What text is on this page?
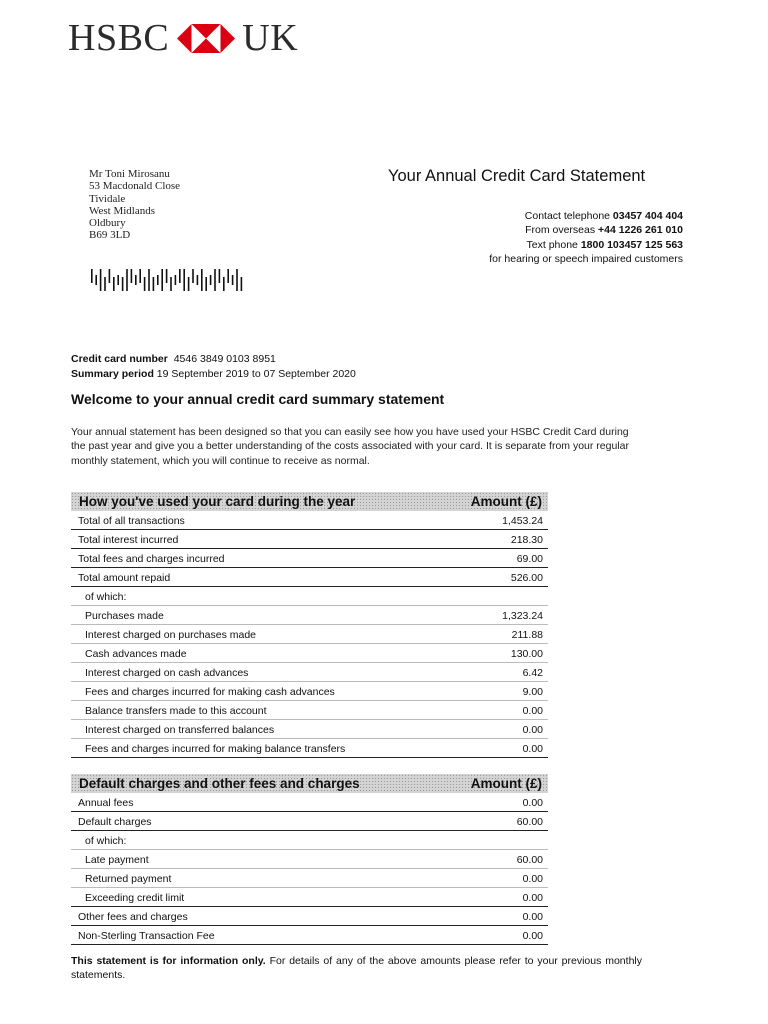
HSBC UK
Mr Toni Mirosanu
53 Macdonald Close
Tividale
West Midlands
Oldbury
B69 3LD
Your Annual Credit Card Statement
Contact telephone 03457 404 404
From overseas +44 1226 261 010
Text phone 1800 103457 125 563
for hearing or speech impaired customers
Credit card number 4546 3849 0103 8951
Summary period 19 September 2019 to 07 September 2020
Welcome to your annual credit card summary statement
Your annual statement has been designed so that you can easily see how you have used your HSBC Credit Card during the past year and give you a better understanding of the costs associated with your card. It is separate from your regular monthly statement, which you will continue to receive as normal.
How you've used your card during the year	Amount (£)
Total of all transactions	1,453.24
Total interest incurred	218.30
Total fees and charges incurred	69.00
Total amount repaid	526.00
of which:
Purchases made	1,323.24
Interest charged on purchases made	211.88
Cash advances made	130.00
Interest charged on cash advances	6.42
Fees and charges incurred for making cash advances	9.00
Balance transfers made to this account	0.00
Interest charged on transferred balances	0.00
Fees and charges incurred for making balance transfers	0.00
Default charges and other fees and charges	Amount (£)
Annual fees	0.00
Default charges	60.00
of which:
Late payment	60.00
Returned payment	0.00
Exceeding credit limit	0.00
Other fees and charges	0.00
Non-Sterling Transaction Fee	0.00
This statement is for information only. For details of any of the above amounts please refer to your previous monthly statements.
